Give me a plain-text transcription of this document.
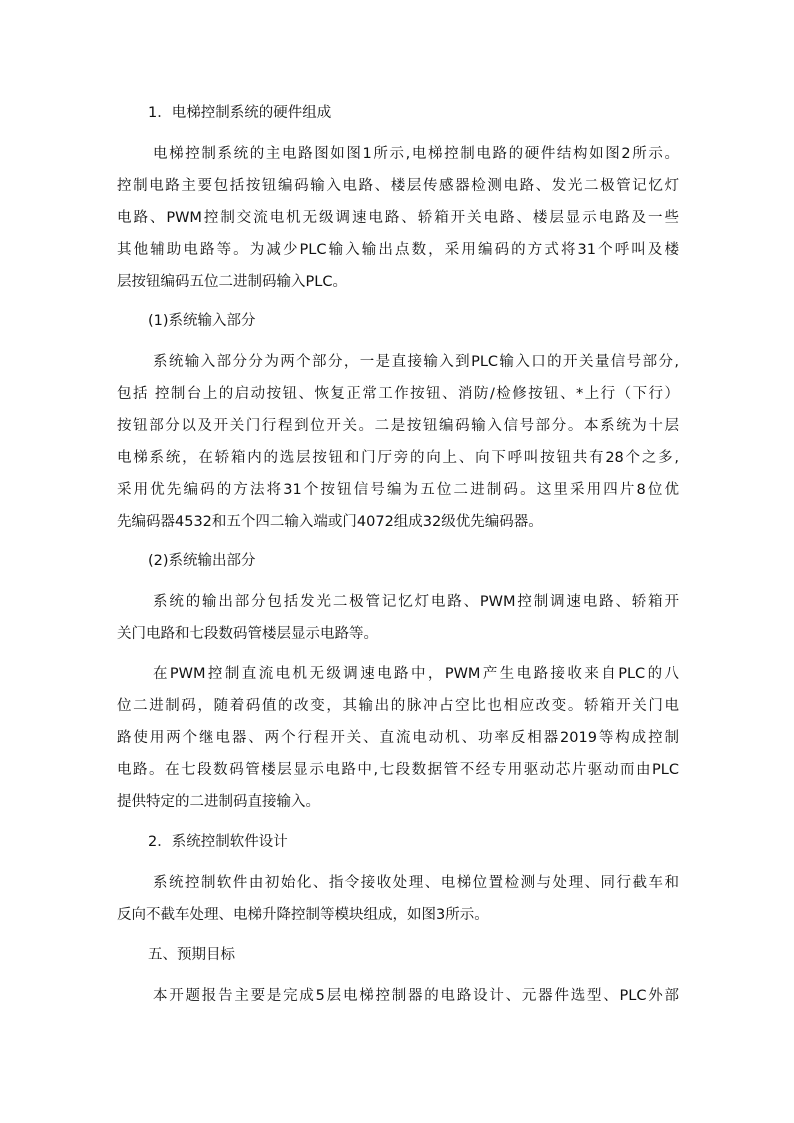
1．电梯控制系统的硬件组成
电梯控制系统的主电路图如图1所示,电梯控制电路的硬件结构如图2所示。
控制电路主要包括按钮编码输入电路、楼层传感器检测电路、发光二极管记忆灯
电路、PWM控制交流电机无级调速电路、轿箱开关电路、楼层显示电路及一些
其他辅助电路等。为减少PLC输入输出点数，采用编码的方式将31个呼叫及楼
层按钮编码五位二进制码输入PLC。
(1)系统输入部分
系统输入部分分为两个部分，一是直接输入到PLC输入口的开关量信号部分,
包括 控制台上的启动按钮、恢复正常工作按钮、消防/检修按钮、*上行（下行）
按钮部分以及开关门行程到位开关。二是按钮编码输入信号部分。本系统为十层
电梯系统，在轿箱内的选层按钮和门厅旁的向上、向下呼叫按钮共有28个之多,
采用优先编码的方法将31个按钮信号编为五位二进制码。这里采用四片8位优
先编码器4532和五个四二输入端或门4072组成32级优先编码器。
(2)系统输出部分
系统的输出部分包括发光二极管记忆灯电路、PWM控制调速电路、轿箱开
关门电路和七段数码管楼层显示电路等。
在PWM控制直流电机无级调速电路中，PWM产生电路接收来自PLC的八
位二进制码，随着码值的改变，其输出的脉冲占空比也相应改变。轿箱开关门电
路使用两个继电器、两个行程开关、直流电动机、功率反相器2019等构成控制
电路。在七段数码管楼层显示电路中,七段数据管不经专用驱动芯片驱动而由PLC
提供特定的二进制码直接输入。
2．系统控制软件设计
系统控制软件由初始化、指令接收处理、电梯位置检测与处理、同行截车和
反向不截车处理、电梯升降控制等模块组成，如图3所示。
五、预期目标
本开题报告主要是完成5层电梯控制器的电路设计、元器件选型、PLC外部
